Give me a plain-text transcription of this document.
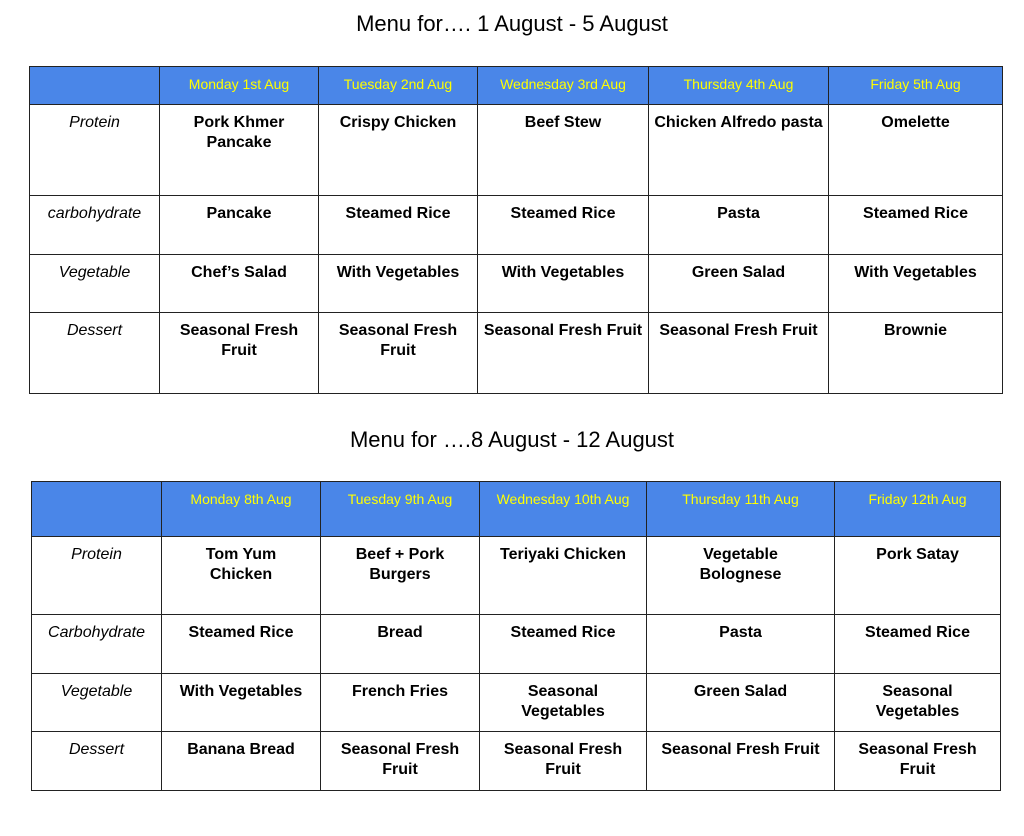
Menu for…. 1 August - 5 August
	Monday 1st Aug	Tuesday 2nd Aug	Wednesday 3rd Aug	Thursday 4th Aug	Friday 5th Aug
Protein	Pork Khmer Pancake	Crispy Chicken	Beef Stew	Chicken Alfredo pasta	Omelette
carbohydrate	Pancake	Steamed Rice	Steamed Rice	Pasta	Steamed Rice
Vegetable	Chef’s Salad	With Vegetables	With Vegetables	Green Salad	With Vegetables
Dessert	Seasonal Fresh Fruit	Seasonal Fresh Fruit	Seasonal Fresh Fruit	Seasonal Fresh Fruit	Brownie
Menu for ….8 August - 12 August
	Monday 8th Aug	Tuesday 9th Aug	Wednesday 10th Aug	Thursday 11th Aug	Friday 12th Aug
Protein	Tom Yum Chicken	Beef + Pork Burgers	Teriyaki Chicken	Vegetable Bolognese	Pork Satay
Carbohydrate	Steamed Rice	Bread	Steamed Rice	Pasta	Steamed Rice
Vegetable	With Vegetables	French Fries	Seasonal Vegetables	Green Salad	Seasonal Vegetables
Dessert	Banana Bread	Seasonal Fresh Fruit	Seasonal Fresh Fruit	Seasonal Fresh Fruit	Seasonal Fresh Fruit
